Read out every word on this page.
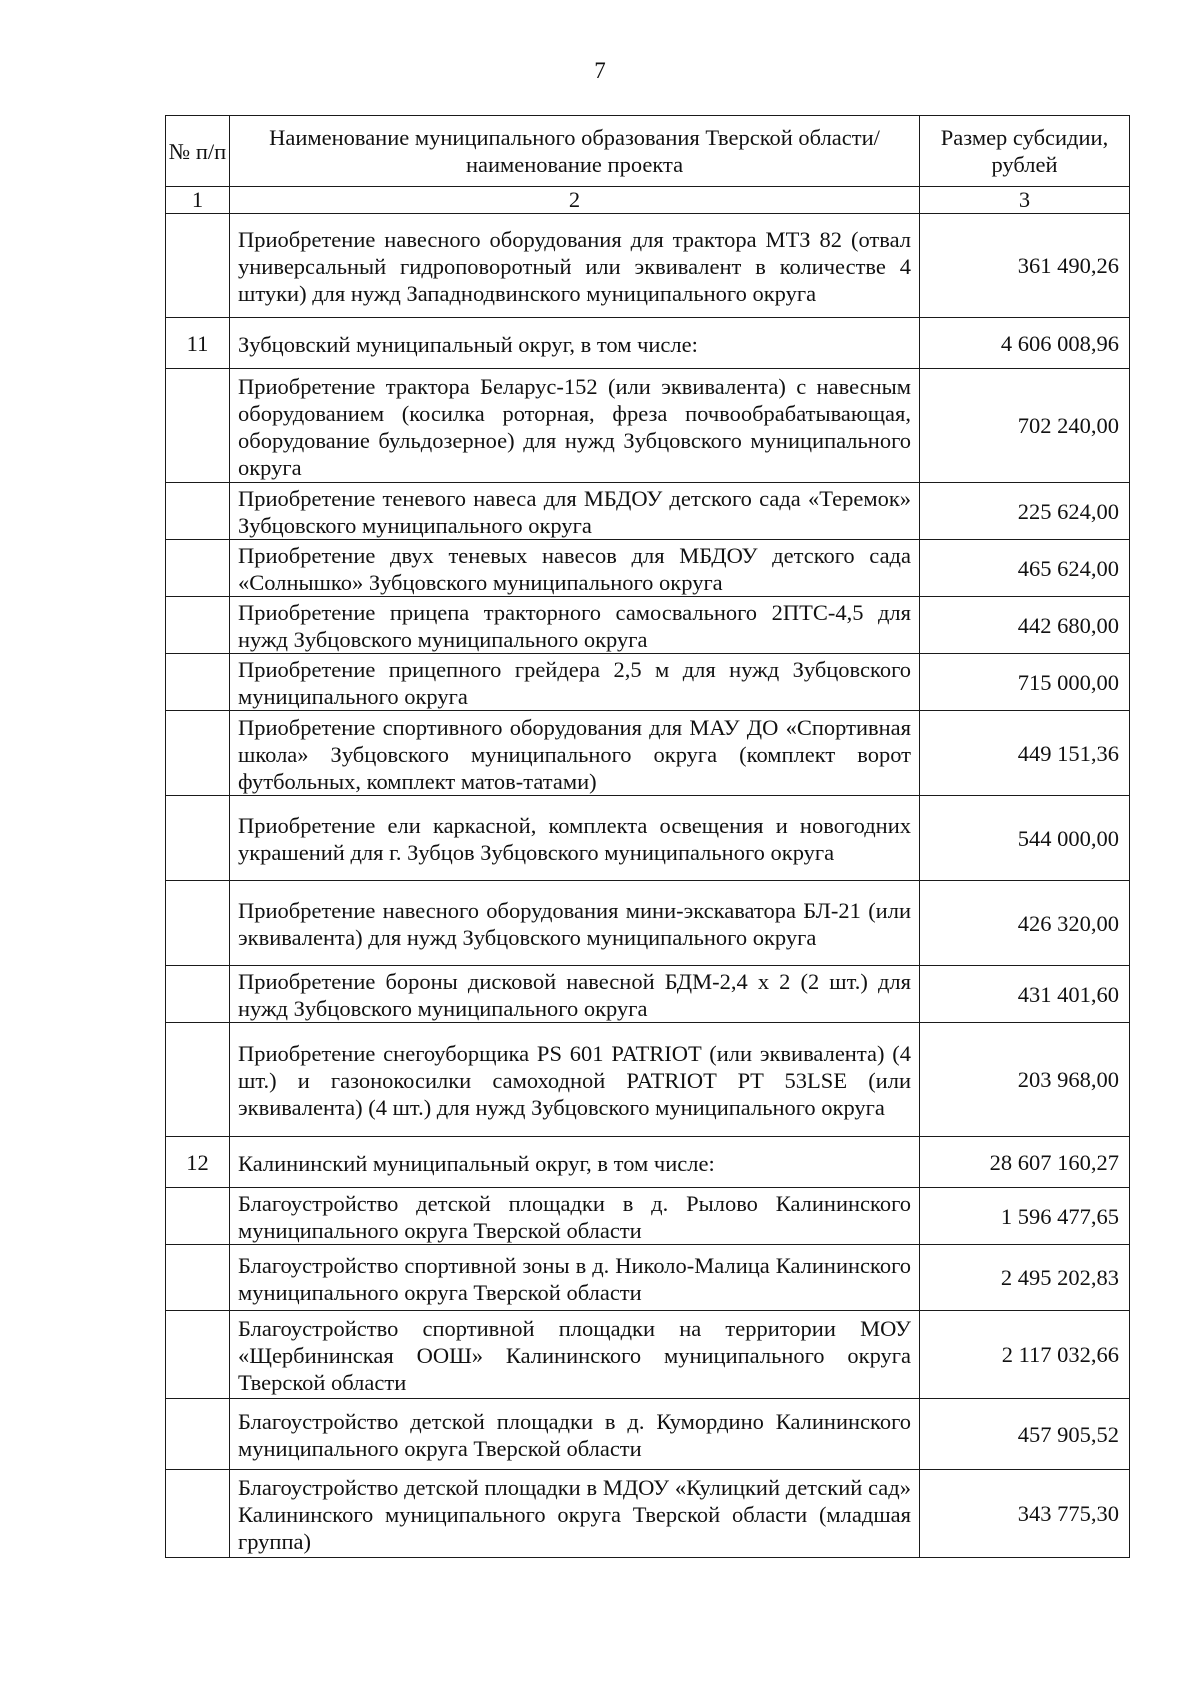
7
№ п/п	Наименование муниципального образования Тверской области/наименование проекта	Размер субсидии, рублей
1	2	3
	Приобретение навесного оборудования для трактора МТЗ 82 (отвал универсальный гидроповоротный или эквивалент в количестве 4 штуки) для нужд Западнодвинского муниципального округа	361 490,26
11	Зубцовский муниципальный округ, в том числе:	4 606 008,96
	Приобретение трактора Беларус-152 (или эквивалента) с навесным оборудованием (косилка роторная, фреза почвообрабатывающая, оборудование бульдозерное) для нужд Зубцовского муниципального округа	702 240,00
	Приобретение теневого навеса для МБДОУ детского сада «Теремок» Зубцовского муниципального округа	225 624,00
	Приобретение двух теневых навесов для МБДОУ детского сада «Солнышко» Зубцовского муниципального округа	465 624,00
	Приобретение прицепа тракторного самосвального 2ПТС-4,5 для нужд Зубцовского муниципального округа	442 680,00
	Приобретение прицепного грейдера 2,5 м для нужд Зубцовского муниципального округа	715 000,00
	Приобретение спортивного оборудования для МАУ ДО «Спортивная школа» Зубцовского муниципального округа (комплект ворот футбольных, комплект матов-татами)	449 151,36
	Приобретение ели каркасной, комплекта освещения и новогодних украшений для г. Зубцов Зубцовского муниципального округа	544 000,00
	Приобретение навесного оборудования мини-экскаватора БЛ-21 (или эквивалента) для нужд Зубцовского муниципального округа	426 320,00
	Приобретение бороны дисковой навесной БДМ-2,4 х 2 (2 шт.) для нужд Зубцовского муниципального округа	431 401,60
	Приобретение снегоуборщика PS 601 PATRIOT (или эквивалента) (4 шт.) и газонокосилки самоходной PATRIOT PT 53LSE (или эквивалента) (4 шт.) для нужд Зубцовского муниципального округа	203 968,00
12	Калининский муниципальный округ, в том числе:	28 607 160,27
	Благоустройство детской площадки в д. Рылово Калининского муниципального округа Тверской области	1 596 477,65
	Благоустройство спортивной зоны в д. Николо-Малица Калининского муниципального округа Тверской области	2 495 202,83
	Благоустройство спортивной площадки на территории МОУ «Щербининская ООШ» Калининского муниципального округа Тверской области	2 117 032,66
	Благоустройство детской площадки в д. Кумордино Калининского муниципального округа Тверской области	457 905,52
	Благоустройство детской площадки в МДОУ «Кулицкий детский сад» Калининского муниципального округа Тверской области (младшая группа)	343 775,30
